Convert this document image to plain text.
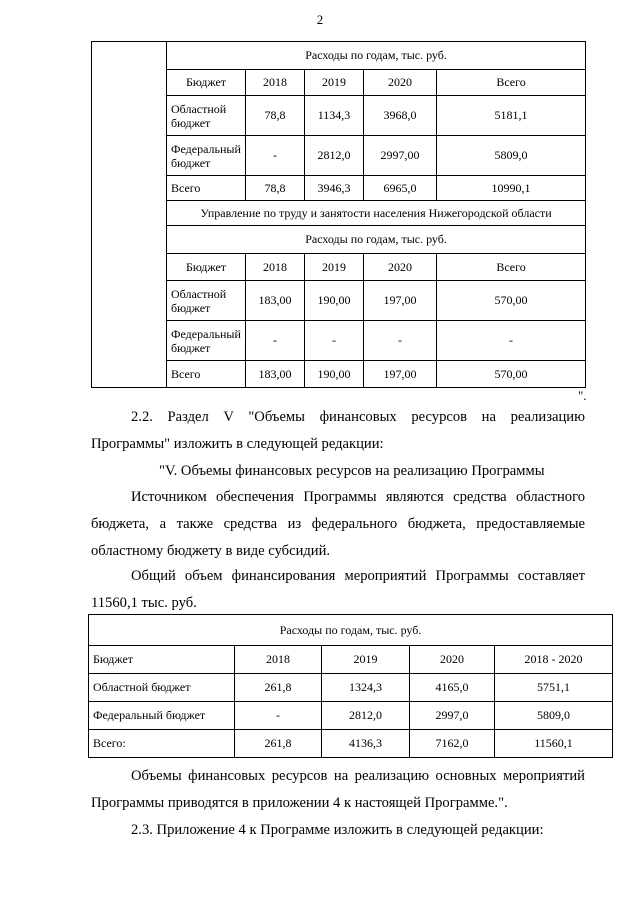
2
	Расходы по годам, тыс. руб.				
	Бюджет	2018	2019	2020	Всего
	Областной бюджет	78,8	1134,3	3968,0	5181,1
	Федеральный бюджет	-	2812,0	2997,00	5809,0
	Всего	78,8	3946,3	6965,0	10990,1
	Управление по труду и занятости населения Нижегородской области				
	Расходы по годам, тыс. руб.				
	Бюджет	2018	2019	2020	Всего
	Областной бюджет	183,00	190,00	197,00	570,00
	Федеральный бюджет	-	-	-	-
	Всего	183,00	190,00	197,00	570,00
".
2.2. Раздел V "Объемы финансовых ресурсов на реализацию
Программы" изложить в следующей редакции:
"V. Объемы финансовых ресурсов на реализацию Программы
Источником обеспечения Программы являются средства областного
бюджета, а также средства из федерального бюджета, предоставляемые
областному бюджету в виде субсидий.
Общий объем финансирования мероприятий Программы составляет
11560,1 тыс. руб.
Расходы по годам, тыс. руб.				
Бюджет	2018	2019	2020	2018 - 2020
Областной бюджет	261,8	1324,3	4165,0	5751,1
Федеральный бюджет	-	2812,0	2997,0	5809,0
Всего:	261,8	4136,3	7162,0	11560,1
Объемы финансовых ресурсов на реализацию основных мероприятий
Программы приводятся в приложении 4 к настоящей Программе.".
2.3. Приложение 4 к Программе изложить в следующей редакции:
